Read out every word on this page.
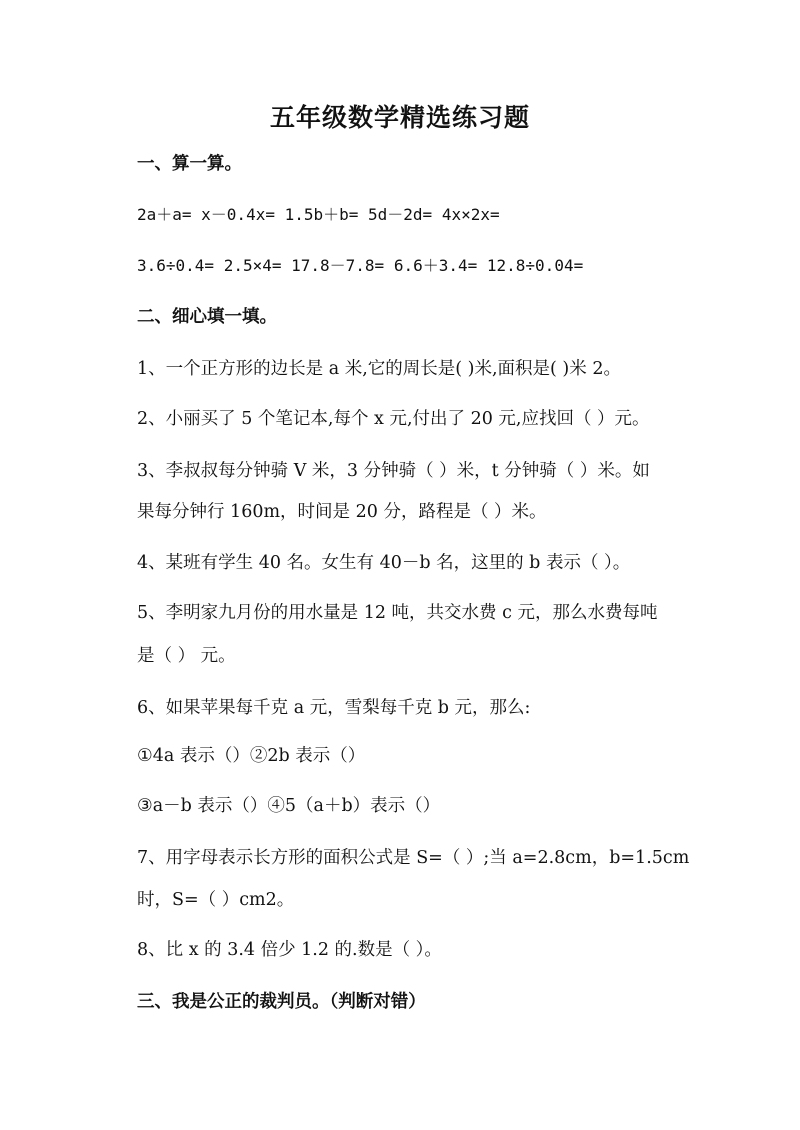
五年级数学精选练习题
一、算一算。
2a＋a= x－0.4x= 1.5b＋b= 5d－2d= 4x×2x=
3.6÷0.4= 2.5×4= 17.8－7.8= 6.6＋3.4= 12.8÷0.04=
二、细心填一填。
1、一个正方形的边长是 a 米,它的周长是( )米,面积是( )米 2。
2、小丽买了 5 个笔记本,每个 x 元,付出了 20 元,应找回（ ）元。
3、李叔叔每分钟骑 V 米，3 分钟骑（ ）米，t 分钟骑（ ）米。如
果每分钟行 160m，时间是 20 分，路程是（ ）米。
4、某班有学生 40 名。女生有 40－b 名，这里的 b 表示（ ）。
5、李明家九月份的用水量是 12 吨，共交水费 c 元，那么水费每吨
是（ ） 元。
6、如果苹果每千克 a 元，雪梨每千克 b 元，那么:
①4a 表示（）②2b 表示（）
③a－b 表示（）④5（a＋b）表示（）
7、用字母表示长方形的面积公式是 S=（ ）;当 a=2.8cm，b=1.5cm
时，S=（ ）cm2。
8、比 x 的 3.4 倍少 1.2 的.数是（ ）。
三、我是公正的裁判员。（判断对错）
